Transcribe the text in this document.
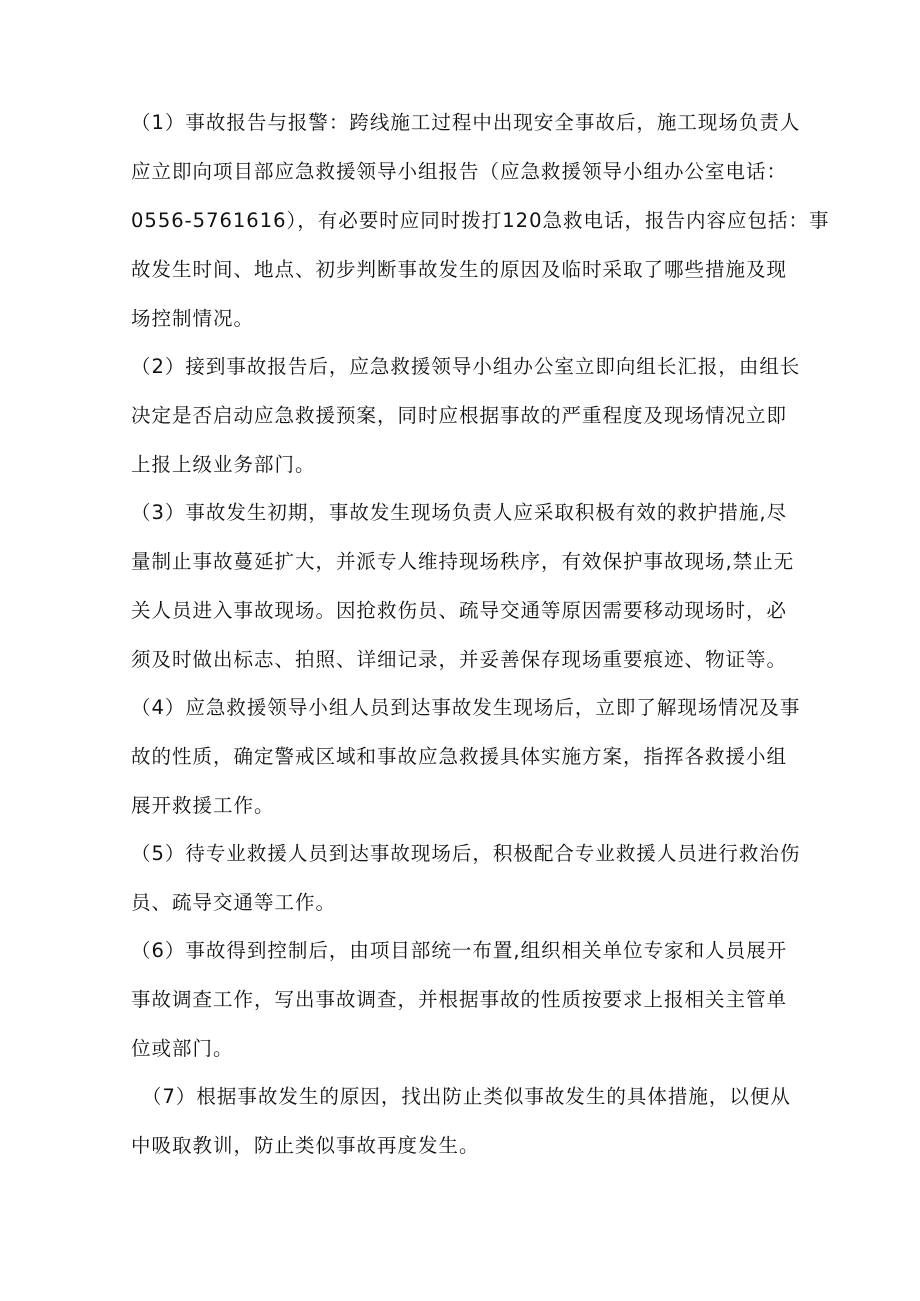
（1）事故报告与报警：跨线施工过程中出现安全事故后，施工现场负责人
应立即向项目部应急救援领导小组报告（应急救援领导小组办公室电话：
0556-5761616），有必要时应同时拨打120急救电话，报告内容应包括：事
故发生时间、地点、初步判断事故发生的原因及临时采取了哪些措施及现
场控制情况。
（2）接到事故报告后，应急救援领导小组办公室立即向组长汇报，由组长
决定是否启动应急救援预案，同时应根据事故的严重程度及现场情况立即
上报上级业务部门。
（3）事故发生初期，事故发生现场负责人应采取积极有效的救护措施,尽
量制止事故蔓延扩大，并派专人维持现场秩序，有效保护事故现场,禁止无
关人员进入事故现场。因抢救伤员、疏导交通等原因需要移动现场时，必
须及时做出标志、拍照、详细记录，并妥善保存现场重要痕迹、物证等。
（4）应急救援领导小组人员到达事故发生现场后，立即了解现场情况及事
故的性质，确定警戒区域和事故应急救援具体实施方案，指挥各救援小组
展开救援工作。
（5）待专业救援人员到达事故现场后，积极配合专业救援人员进行救治伤
员、疏导交通等工作。
（6）事故得到控制后，由项目部统一布置,组织相关单位专家和人员展开
事故调查工作，写出事故调查，并根据事故的性质按要求上报相关主管单
位或部门。
（7）根据事故发生的原因，找出防止类似事故发生的具体措施，以便从
中吸取教训，防止类似事故再度发生。
